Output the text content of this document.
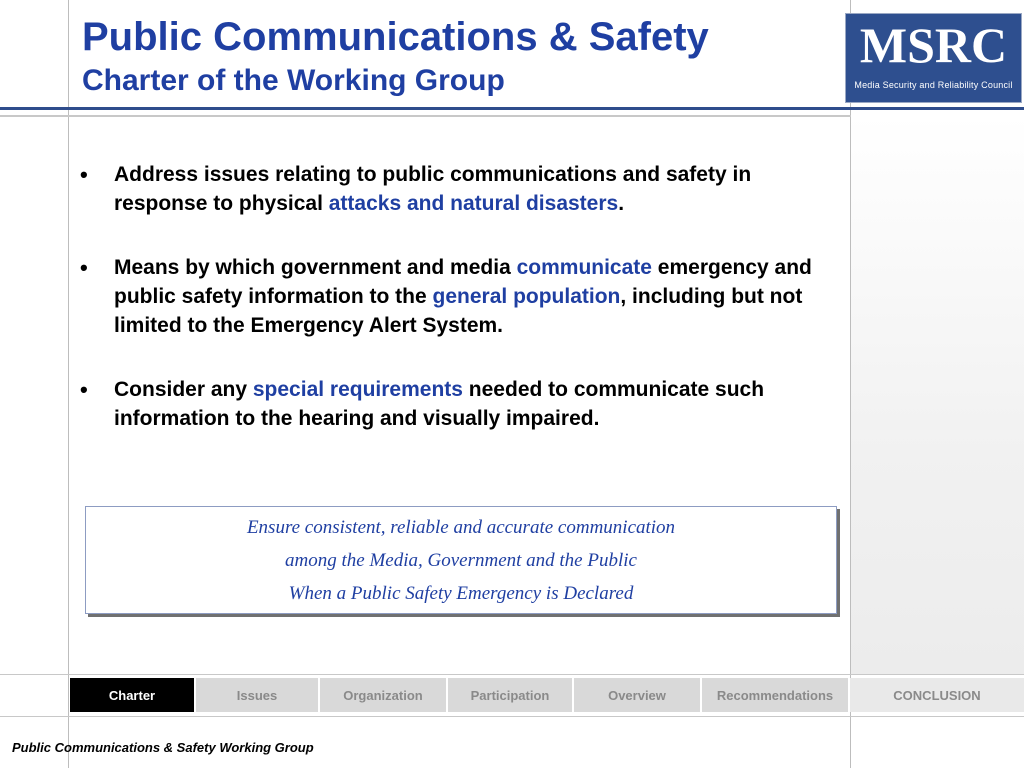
Public Communications & Safety
Charter of the Working Group
MSRC
Media Security and Reliability Council
• Address issues relating to public communications and safety in response to physical attacks and natural disasters.
• Means by which government and media communicate emergency and public safety information to the general population, including but not limited to the Emergency Alert System.
• Consider any special requirements needed to communicate such information to the hearing and visually impaired.
Ensure consistent, reliable and accurate communication
among the Media, Government and the Public
When a Public Safety Emergency is Declared
Charter	Issues	Organization	Participation	Overview	Recommendations	CONCLUSION
Public Communications & Safety Working Group
